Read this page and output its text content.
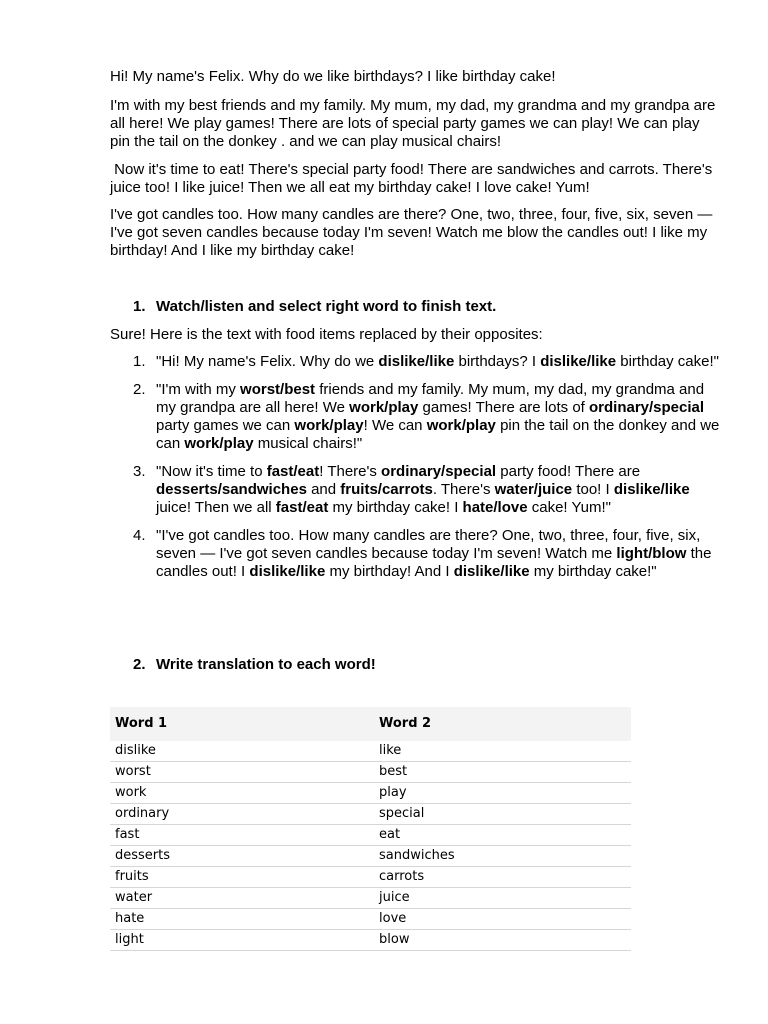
Hi! My name's Felix. Why do we like birthdays? I like birthday cake!

I'm with my best friends and my family. My mum, my dad, my grandma and my grandpa are all here! We play games! There are lots of special party games we can play! We can play pin the tail on the donkey . and we can play musical chairs!

Now it's time to eat! There's special party food! There are sandwiches and carrots. There's juice too! I like juice! Then we all eat my birthday cake! I love cake! Yum!

I've got candles too. How many candles are there? One, two, three, four, five, six, seven — I've got seven candles because today I'm seven! Watch me blow the candles out! I like my birthday! And I like my birthday cake!

1. Watch/listen and select right word to finish text.

Sure! Here is the text with food items replaced by their opposites:

1. "Hi! My name's Felix. Why do we dislike/like birthdays? I dislike/like birthday cake!"
2. "I'm with my worst/best friends and my family. My mum, my dad, my grandma and my grandpa are all here! We work/play games! There are lots of ordinary/special party games we can work/play! We can work/play pin the tail on the donkey and we can work/play musical chairs!"
3. "Now it's time to fast/eat! There's ordinary/special party food! There are desserts/sandwiches and fruits/carrots. There's water/juice too! I dislike/like juice! Then we all fast/eat my birthday cake! I hate/love cake! Yum!"
4. "I've got candles too. How many candles are there? One, two, three, four, five, six, seven — I've got seven candles because today I'm seven! Watch me light/blow the candles out! I dislike/like my birthday! And I dislike/like my birthday cake!"
2. Write translation to each word!
Word 1	Word 2
dislike	like
worst	best
work	play
ordinary	special
fast	eat
desserts	sandwiches
fruits	carrots
water	juice
hate	love
light	blow
